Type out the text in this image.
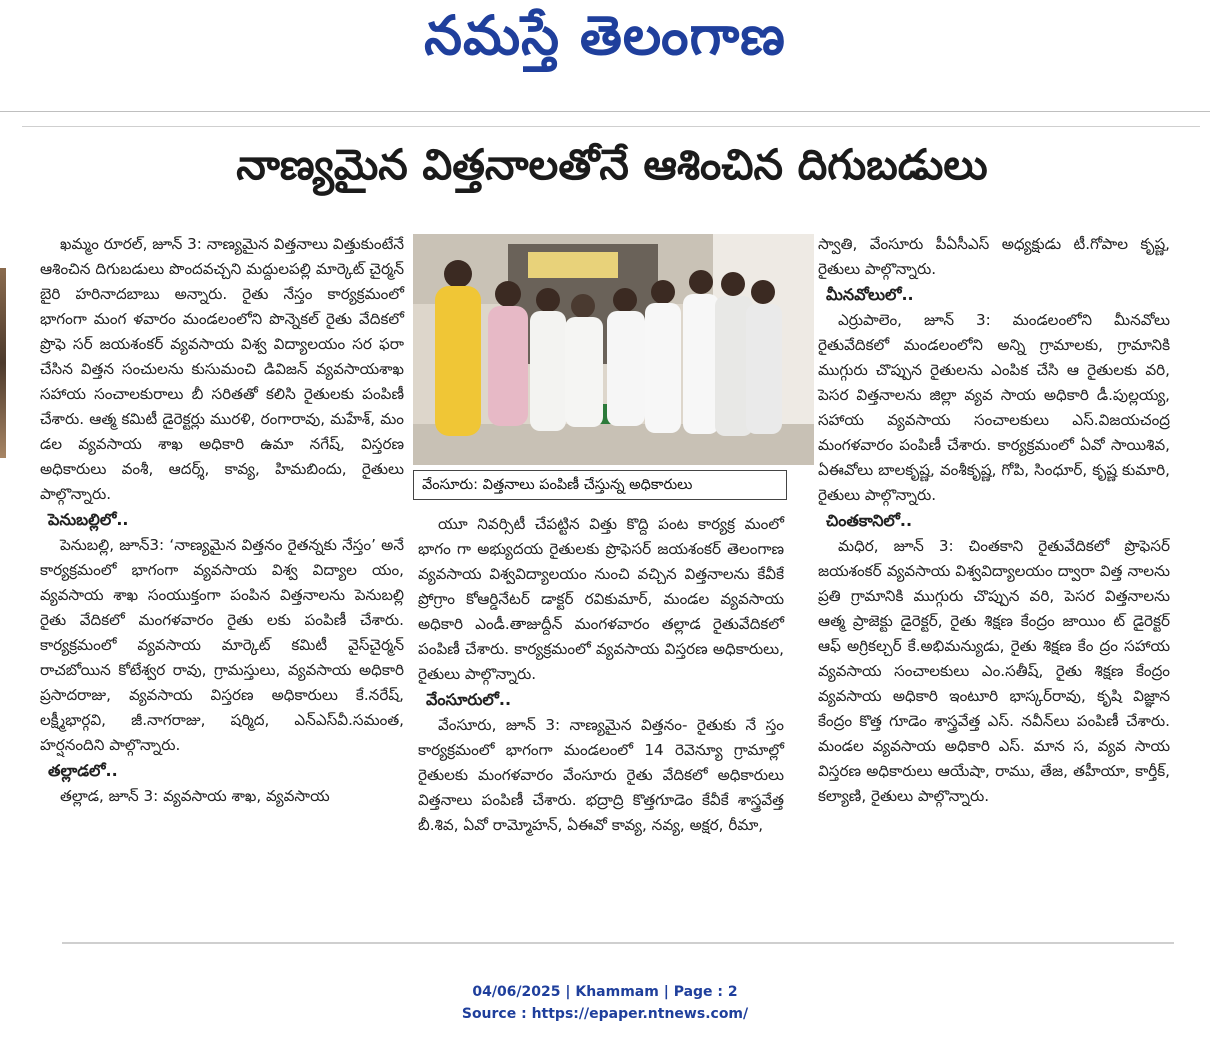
నమస్తే తెలంగాణ
నాణ్యమైన విత్తనాలతోనే ఆశించిన దిగుబడులు

ఖమ్మం రూరల్‌, జూన్‌ 3: నాణ్యమైన విత్తనాలు విత్తుకుంటేనే ఆశించిన దిగుబడులు పొందవచ్చని మద్దులపల్లి మార్కెట్‌ చైర్మన్‌ బైరి హరినాదబాబు అన్నారు. రైతు నేస్తం కార్యక్రమంలో భాగంగా మంగ ళవారం మండలంలోని పొన్నెకల్‌ రైతు వేదికలో ప్రొఫె సర్‌ జయశంకర్‌ వ్యవసాయ విశ్వ విద్యాలయం సర ఫరా చేసిన విత్తన సంచులను కుసుమంచి డివిజన్‌ వ్యవసాయశాఖ సహాయ సంచాలకురాలు బీ సరితతో కలిసి రైతులకు పంపిణీ చేశారు. ఆత్మ కమిటీ డైరెక్టర్లు మురళి, రంగారావు, మహేశ్‌, మం డల వ్యవసాయ శాఖ అధికారి ఉమా నగేష్‌, విస్తరణ అధికారులు వంశీ, ఆదర్శ్‌, కావ్య, హిమబిందు, రైతులు పాల్గొన్నారు.

పెనుబల్లిలో..

పెనుబల్లి, జూన్‌3: ‘నాణ్యమైన విత్తనం రైతన్నకు నేస్తం’ అనే కార్యక్రమంలో భాగంగా వ్యవసాయ విశ్వ విద్యాల యం, వ్యవసాయ శాఖ సంయుక్తంగా పంపిన విత్తనాలను పెనుబల్లి రైతు వేదికలో మంగళవారం రైతు లకు పంపిణీ చేశారు. కార్యక్రమంలో వ్యవసాయ మార్కెట్‌ కమిటీ వైస్‌చైర్మన్‌ రాచబోయిన కోటేశ్వర రావు, గ్రామస్తులు, వ్యవసాయ అధికారి ప్రసాదరాజు, వ్యవసాయ విస్తరణ అధికారులు కే.నరేష్‌, లక్ష్మీభార్గవి, జీ.నాగరాజు, షర్మిద, ఎన్‌ఎస్‌వీ.సమంత, హర్షనందిని పాల్గొన్నారు.

తల్లాడలో..

తల్లాడ, జూన్‌ 3: వ్యవసాయ శాఖ, వ్యవసాయ

వేంసూరు: విత్తనాలు పంపిణీ చేస్తున్న అధికారులు

యూ నివర్సిటీ చేపట్టిన విత్తు కొద్ది పంట కార్యక్ర మంలో భాగం గా అభ్యుదయ రైతులకు ప్రొఫెసర్‌ జయశంకర్‌ తెలంగాణ వ్యవసాయ విశ్వవిద్యాలయం నుంచి వచ్చిన విత్తనాలను కేవీకే ప్రోగ్రాం కోఆర్డినేటర్‌ డాక్టర్‌ రవికుమార్‌, మండల వ్యవసాయ అధికారి ఎండీ.తాజుద్దీన్‌ మంగళవారం తల్లాడ రైతువేదికలో పంపిణీ చేశారు. కార్యక్రమంలో వ్యవసాయ విస్తరణ అధికారులు, రైతులు పాల్గొన్నారు.

వేంసూరులో..

వేంసూరు, జూన్‌ 3: నాణ్యమైన విత్తనం- రైతుకు నే స్తం కార్యక్రమంలో భాగంగా మండలంలో 14 రెవెన్యూ గ్రామాల్లో రైతులకు మంగళవారం వేంసూరు రైతు వేదికలో అధికారులు విత్తనాలు పంపిణీ చేశారు. భద్రాద్రి కొత్తగూడెం కేవీకే శాస్త్రవేత్త బీ.శివ, ఏవో రామ్మోహన్‌, ఏఈవో కావ్య, నవ్య, అక్షర, రీమా,

స్వాతి, వేంసూరు పీఏసీఎస్‌ అధ్యక్షుడు టీ.గోపాల కృష్ణ, రైతులు పాల్గొన్నారు.

మీనవోలులో..

ఎర్రుపాలెం, జూన్‌ 3: మండలంలోని మీనవోలు రైతువేదికలో మండలంలోని అన్ని గ్రామాలకు, గ్రామానికి ముగ్గురు చొప్పున రైతులను ఎంపిక చేసి ఆ రైతులకు వరి, పెసర విత్తనాలను జిల్లా వ్యవ సాయ అధికారి డీ.పుల్లయ్య, సహాయ వ్యవసాయ సంచాలకులు ఎస్‌.విజయచంద్ర మంగళవారం పంపిణీ చేశారు. కార్యక్రమంలో ఏవో సాయిశివ, ఏఈవోలు బాలకృష్ణ, వంశీకృష్ణ, గోపి, సింధూర్‌, కృష్ణ కుమారి, రైతులు పాల్గొన్నారు.

చింతకానిలో..

మధిర, జూన్‌ 3: చింతకాని రైతువేదికలో ప్రొఫెసర్‌ జయశంకర్‌ వ్యవసాయ విశ్వవిద్యాలయం ద్వారా విత్త నాలను ప్రతి గ్రామానికి ముగ్గురు చొప్పున వరి, పెసర విత్తనాలను ఆత్మ ప్రాజెక్టు డైరెక్టర్‌, రైతు శిక్షణ కేంద్రం జాయిం ట్‌ డైరెక్టర్‌ ఆఫ్‌ అగ్రికల్చర్‌ కే.అభిమన్యుడు, రైతు శిక్షణ కేం ద్రం సహాయ వ్యవసాయ సంచాలకులు ఎం.సతీష్‌, రైతు శిక్షణ కేంద్రం వ్యవసాయ అధికారి ఇంటూరి భాస్కర్‌రావు, కృషి విజ్ఞాన కేంద్రం కొత్త గూడెం శాస్త్రవేత్త ఎస్‌. నవీన్‌లు పంపిణీ చేశారు. మండల వ్యవసాయ అధికారి ఎస్‌. మాన స, వ్యవ సాయ విస్తరణ అధికారులు ఆయేషా, రాము, తేజ, తహీయా, కార్తీక్‌, కల్యాణి, రైతులు పాల్గొన్నారు.

04/06/2025 | Khammam | Page : 2
Source : https://epaper.ntnews.com/
